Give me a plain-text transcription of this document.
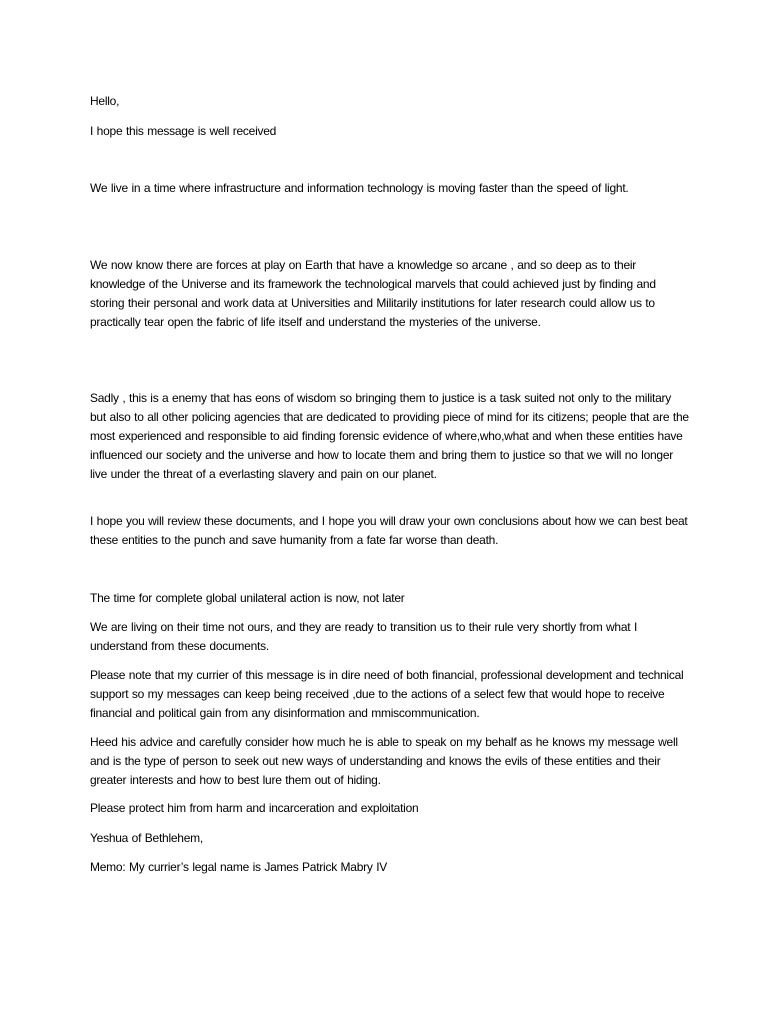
Hello,

I hope this message is well received

We live in a time where infrastructure and information technology is moving faster than the speed of light.

We now know there are forces at play on Earth that have a knowledge so arcane , and so deep as to their knowledge of the Universe and its framework the technological marvels that could achieved just by finding and storing their personal and work data at Universities and Militarily institutions for later research could allow us to practically tear open the fabric of life itself and understand the mysteries of the universe.

Sadly , this is a enemy that has eons of wisdom so bringing them to justice is a task suited not only to the military but also to all other policing agencies that are dedicated to providing piece of mind for its citizens; people that are the most experienced and responsible to aid finding forensic evidence of where,who,what and when these entities have influenced our society and the universe and how to locate them and bring them to justice so that we will no longer live under the threat of a everlasting slavery and pain on our planet.

I hope you will review these documents, and I hope you will draw your own conclusions about how we can best beat these entities to the punch and save humanity from a fate far worse than death.

The time for complete global unilateral action is now, not later

We are living on their time not ours, and they are ready to transition us to their rule very shortly from what I understand from these documents.

Please note that my currier of this message is in dire need of both financial, professional development and technical support so my messages can keep being received ,due to the actions of a select few that would hope to receive financial and political gain from any disinformation and mmiscommunication.

Heed his advice and carefully consider how much he is able to speak on my behalf as he knows my message well and is the type of person to seek out new ways of understanding and knows the evils of these entities and their greater interests and how to best lure them out of hiding.

Please protect him from harm and incarceration and exploitation

Yeshua of Bethlehem,

Memo: My currier’s legal name is James Patrick Mabry IV
